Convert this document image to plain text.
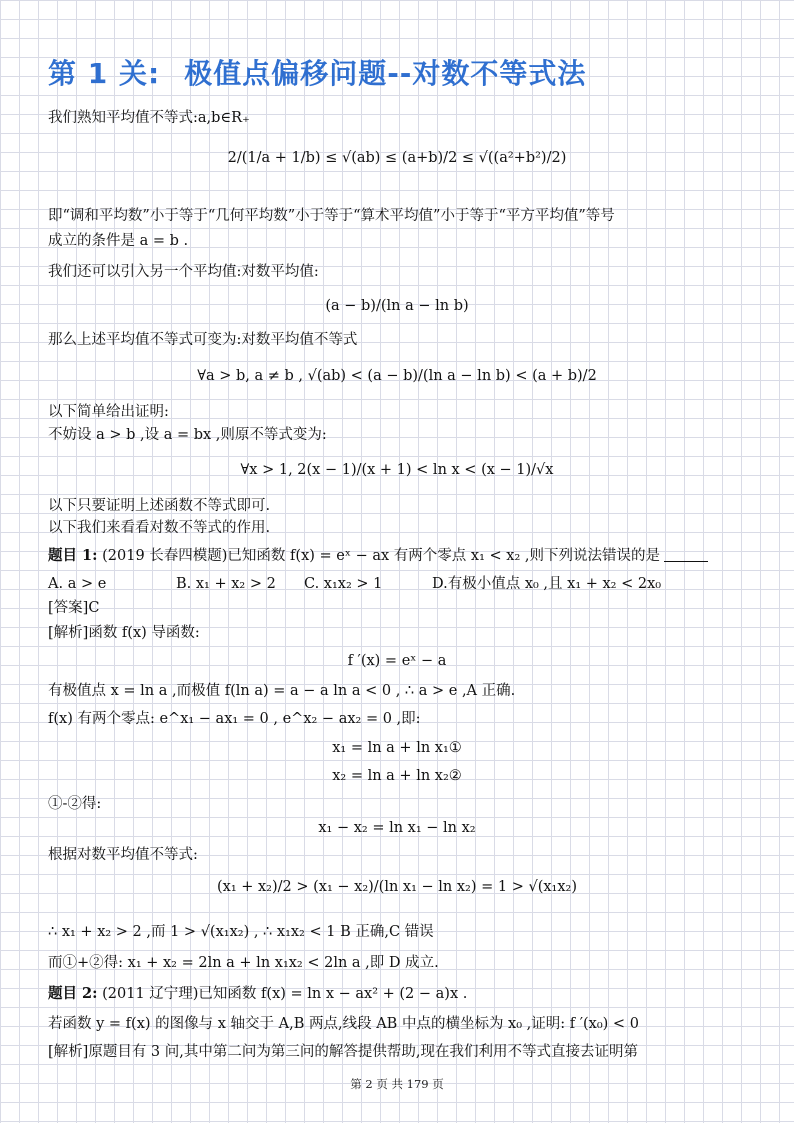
第 1 关: 极值点偏移问题--对数不等式法
我们熟知平均值不等式:a,b∈R₊
2/(1/a + 1/b) ≤ √(ab) ≤ (a+b)/2 ≤ √((a²+b²)/2)
即“调和平均数”小于等于“几何平均数”小于等于“算术平均值”小于等于“平方平均值”等号
成立的条件是 a = b .
我们还可以引入另一个平均值:对数平均值:
(a − b)/(ln a − ln b)
那么上述平均值不等式可变为:对数平均值不等式
∀a > b, a ≠ b , √(ab) < (a − b)/(ln a − ln b) < (a + b)/2
以下简单给出证明:
不妨设 a > b ,设 a = bx ,则原不等式变为:
∀x > 1, 2(x − 1)/(x + 1) < ln x < (x − 1)/√x
以下只要证明上述函数不等式即可.
以下我们来看看对数不等式的作用.
题目 1: (2019 长春四模题)已知函数 f(x) = eˣ − ax 有两个零点 x₁ < x₂ ,则下列说法错误的是
A. a > e	B. x₁ + x₂ > 2 C. x₁x₂ > 1	D.有极小值点 x₀ ,且 x₁ + x₂ < 2x₀
[答案]C
[解析]函数 f(x) 导函数:
f ′(x) = eˣ − a
有极值点 x = ln a ,而极值 f(ln a) = a − a ln a < 0 , ∴ a > e ,A 正确.
f(x) 有两个零点: e^x₁ − ax₁ = 0 , e^x₂ − ax₂ = 0 ,即:
x₁ = ln a + ln x₁①
x₂ = ln a + ln x₂②
①-②得:
x₁ − x₂ = ln x₁ − ln x₂
根据对数平均值不等式:
(x₁ + x₂)/2 > (x₁ − x₂)/(ln x₁ − ln x₂) = 1 > √(x₁x₂)
∴ x₁ + x₂ > 2 ,而 1 > √(x₁x₂) , ∴ x₁x₂ < 1 B 正确,C 错误
而①+②得: x₁ + x₂ = 2ln a + ln x₁x₂ < 2ln a ,即 D 成立.
题目 2: (2011 辽宁理)已知函数 f(x) = ln x − ax² + (2 − a)x .
若函数 y = f(x) 的图像与 x 轴交于 A,B 两点,线段 AB 中点的横坐标为 x₀ ,证明: f ′(x₀) < 0
[解析]原题目有 3 问,其中第二问为第三问的解答提供帮助,现在我们利用不等式直接去证明第
第 2 页 共 179 页
